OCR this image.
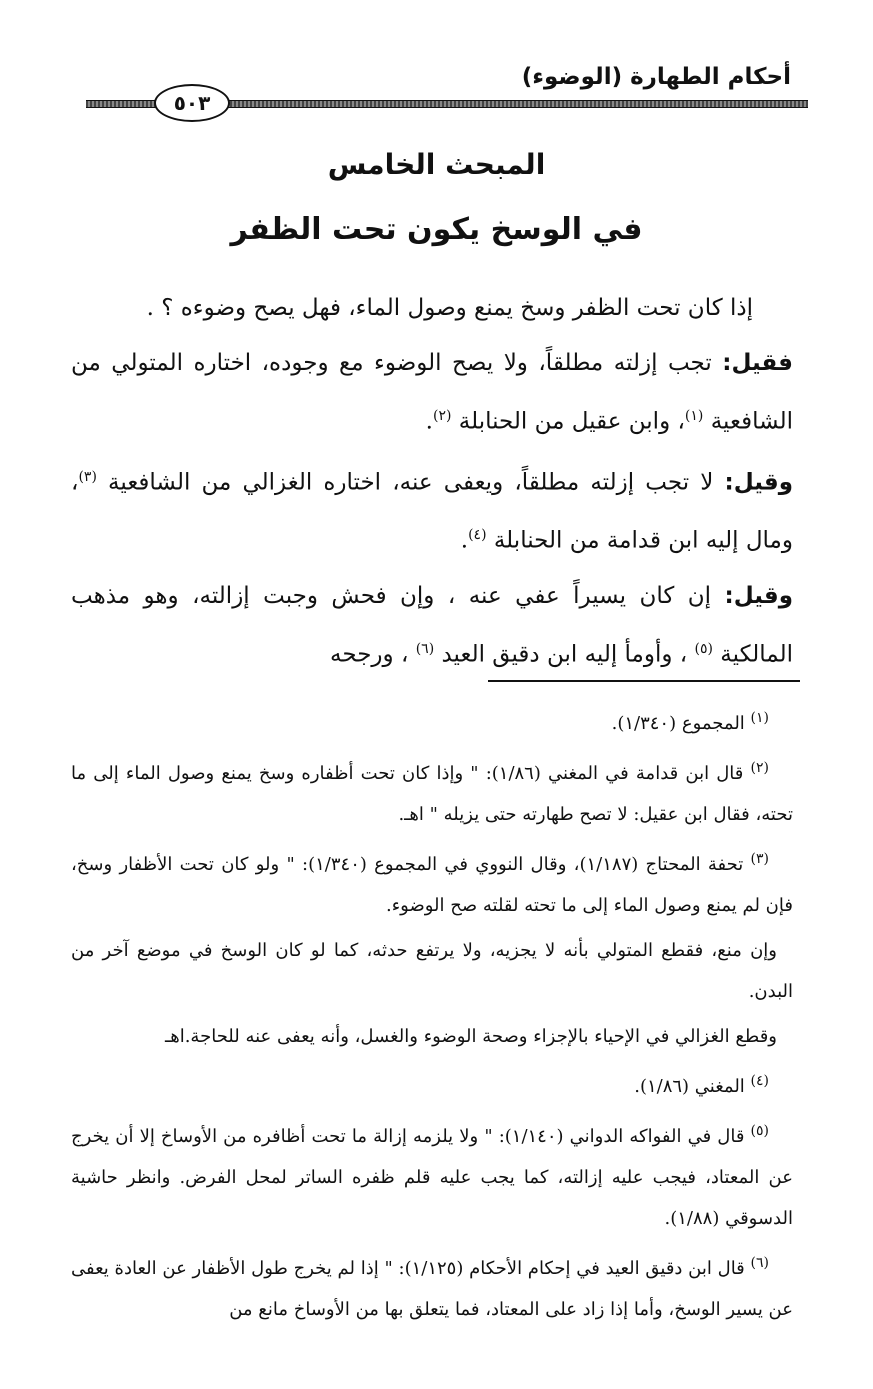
أحكام الطهارة (الوضوء)
٥٠٣
المبحث الخامس
في الوسخ يكون تحت الظفر

إذا كان تحت الظفر وسخ يمنع وصول الماء، فهل يصح وضوءه ؟ .

فقيل: تجب إزلته مطلقاً، ولا يصح الوضوء مع وجوده، اختاره المتولي من الشافعية $^{(١)}$، وابن عقيل من الحنابلة $^{(٢)}$.

وقيل: لا تجب إزلته مطلقاً، ويعفى عنه، اختاره الغزالي من الشافعية $^{(٣)}$، ومال إليه ابن قدامة من الحنابلة $^{(٤)}$.

وقيل: إن كان يسيراً عفي عنه ، وإن فحش وجبت إزالته، وهو مذهب المالكية $^{(٥)}$ ، وأومأ إليه ابن دقيق العيد $^{(٦)}$ ، ورجحه

$^{(١)}$ المجموع (١/٣٤٠).

$^{(٢)}$ قال ابن قدامة في المغني (١/٨٦): " وإذا كان تحت أظفاره وسخ يمنع وصول الماء إلى ما تحته، فقال ابن عقيل: لا تصح طهارته حتى يزيله " اهـ.

$^{(٣)}$ تحفة المحتاج (١/١٨٧)، وقال النووي في المجموع (١/٣٤٠): " ولو كان تحت الأظفار وسخ، فإن لم يمنع وصول الماء إلى ما تحته لقلته صح الوضوء.

وإن منع، فقطع المتولي بأنه لا يجزيه، ولا يرتفع حدثه، كما لو كان الوسخ في موضع آخر من البدن.

وقطع الغزالي في الإحياء بالإجزاء وصحة الوضوء والغسل، وأنه يعفى عنه للحاجة.اهـ

$^{(٤)}$ المغني (١/٨٦).

$^{(٥)}$ قال في الفواكه الدواني (١/١٤٠): " ولا يلزمه إزالة ما تحت أظافره من الأوساخ إلا أن يخرج عن المعتاد، فيجب عليه إزالته، كما يجب عليه قلم ظفره الساتر لمحل الفرض. وانظر حاشية الدسوقي (١/٨٨).

$^{(٦)}$ قال ابن دقيق العيد في إحكام الأحكام (١/١٢٥): " إذا لم يخرج طول الأظفار عن العادة يعفى عن يسير الوسخ، وأما إذا زاد على المعتاد، فما يتعلق بها من الأوساخ مانع من
